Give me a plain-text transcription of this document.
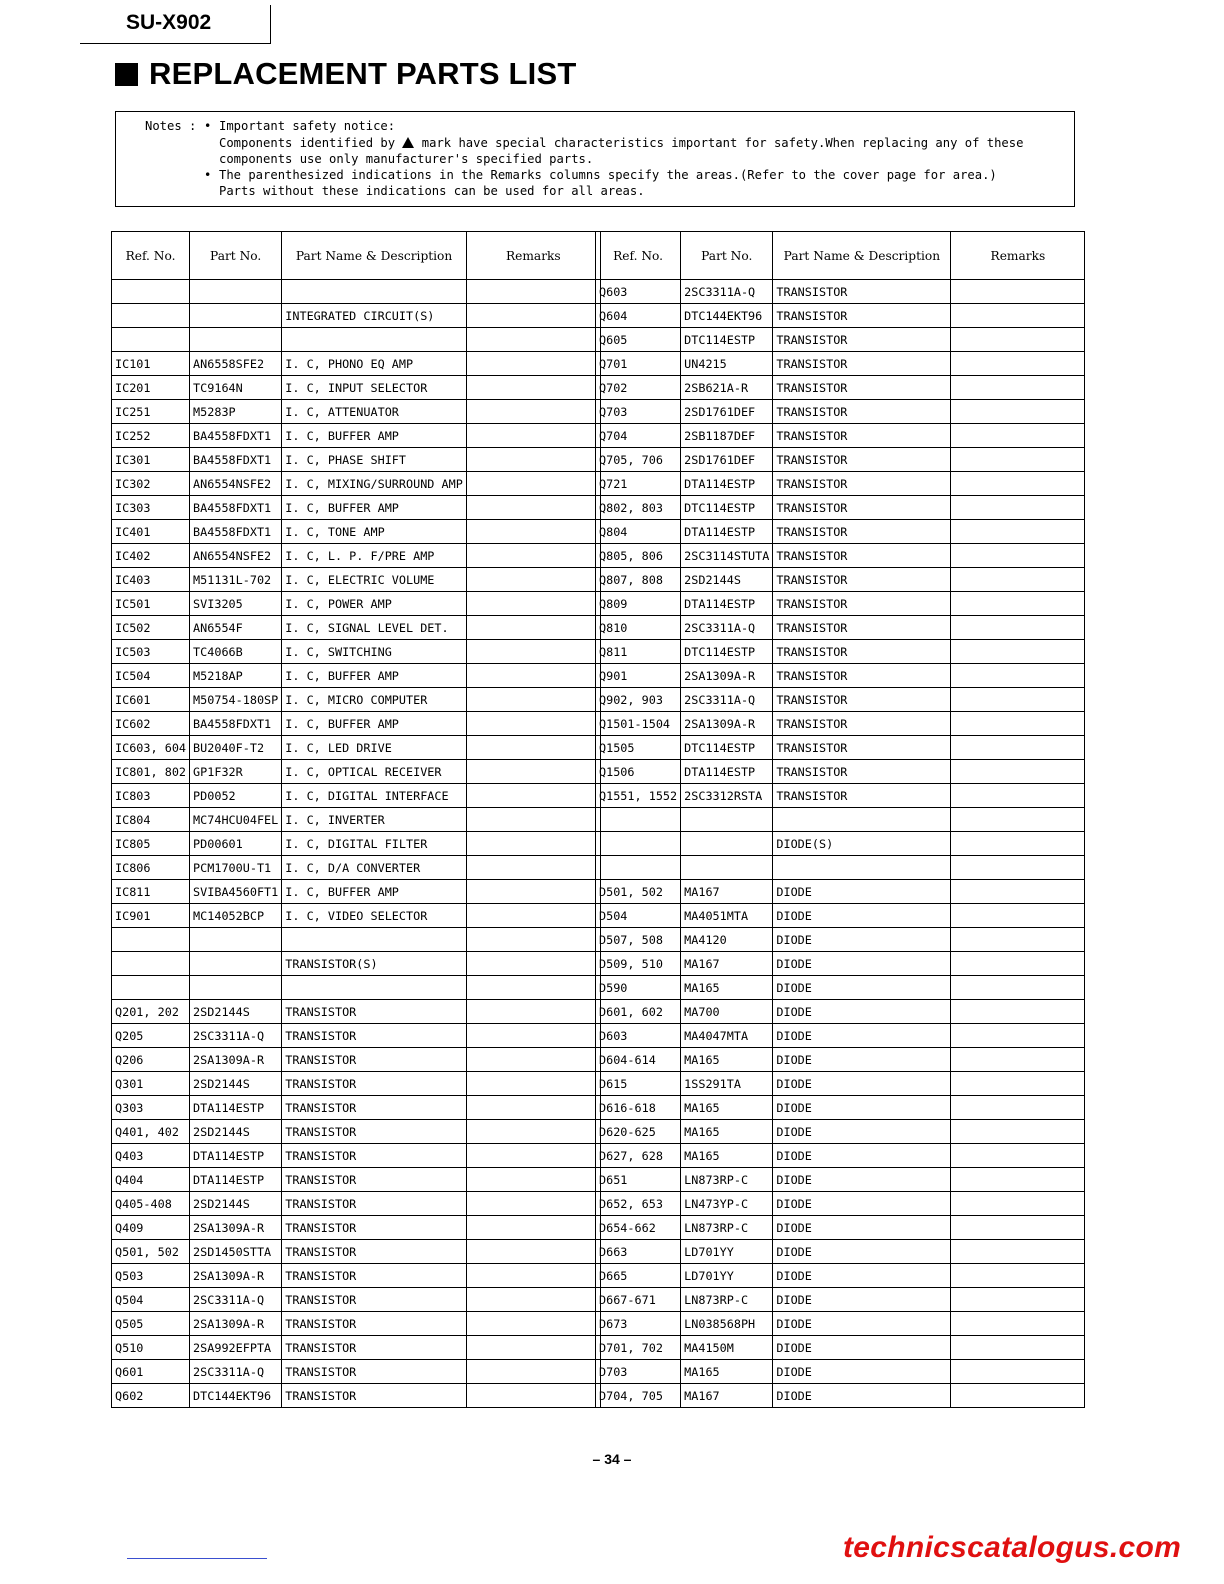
SU-X902
REPLACEMENT PARTS LIST
Notes : • Important safety notice:
Components identified by  mark have special characteristics important for safety.When replacing any of these
components use only manufacturer's specified parts.
• The parenthesized indications in the Remarks columns specify the areas.(Refer to the cover page for area.)
Parts without these indications can be used for all areas.
Ref. No.	Part No.	Part Name & Description	Remarks

		INTEGRATED CIRCUIT(S)	

IC101	AN6558SFE2	I. C, PHONO EQ AMP	
IC201	TC9164N	I. C, INPUT SELECTOR	
IC251	M5283P	I. C, ATTENUATOR	
IC252	BA4558FDXT1	I. C, BUFFER AMP	
IC301	BA4558FDXT1	I. C, PHASE SHIFT	
IC302	AN6554NSFE2	I. C, MIXING/SURROUND AMP	
IC303	BA4558FDXT1	I. C, BUFFER AMP	
IC401	BA4558FDXT1	I. C, TONE AMP	
IC402	AN6554NSFE2	I. C, L. P. F/PRE AMP	
IC403	M51131L-702	I. C, ELECTRIC VOLUME	
IC501	SVI3205	I. C, POWER AMP	
IC502	AN6554F	I. C, SIGNAL LEVEL DET.	
IC503	TC4066B	I. C, SWITCHING	
IC504	M5218AP	I. C, BUFFER AMP	
IC601	M50754-180SP	I. C, MICRO COMPUTER	
IC602	BA4558FDXT1	I. C, BUFFER AMP	
IC603, 604	BU2040F-T2	I. C, LED DRIVE	
IC801, 802	GP1F32R	I. C, OPTICAL RECEIVER	
IC803	PD0052	I. C, DIGITAL INTERFACE	
IC804	MC74HCU04FEL	I. C, INVERTER	
IC805	PD00601	I. C, DIGITAL FILTER	
IC806	PCM1700U-T1	I. C, D/A CONVERTER	
IC811	SVIBA4560FT1	I. C, BUFFER AMP	
IC901	MC14052BCP	I. C, VIDEO SELECTOR	

		TRANSISTOR(S)	

Q201, 202	2SD2144S	TRANSISTOR	
Q205	2SC3311A-Q	TRANSISTOR	
Q206	2SA1309A-R	TRANSISTOR	
Q301	2SD2144S	TRANSISTOR	
Q303	DTA114ESTP	TRANSISTOR	
Q401, 402	2SD2144S	TRANSISTOR	
Q403	DTA114ESTP	TRANSISTOR	
Q404	DTA114ESTP	TRANSISTOR	
Q405-408	2SD2144S	TRANSISTOR	
Q409	2SA1309A-R	TRANSISTOR	
Q501, 502	2SD1450STTA	TRANSISTOR	
Q503	2SA1309A-R	TRANSISTOR	
Q504	2SC3311A-Q	TRANSISTOR	
Q505	2SA1309A-R	TRANSISTOR	
Q510	2SA992EFPTA	TRANSISTOR	
Q601	2SC3311A-Q	TRANSISTOR	
Q602	DTC144EKT96	TRANSISTOR	
Ref. No.	Part No.	Part Name & Description	Remarks
Q603	2SC3311A-Q	TRANSISTOR	
Q604	DTC144EKT96	TRANSISTOR	
Q605	DTC114ESTP	TRANSISTOR	
Q701	UN4215	TRANSISTOR	
Q702	2SB621A-R	TRANSISTOR	
Q703	2SD1761DEF	TRANSISTOR	
Q704	2SB1187DEF	TRANSISTOR	
Q705, 706	2SD1761DEF	TRANSISTOR	
Q721	DTA114ESTP	TRANSISTOR	
Q802, 803	DTC114ESTP	TRANSISTOR	
Q804	DTA114ESTP	TRANSISTOR	
Q805, 806	2SC3114STUTA	TRANSISTOR	
Q807, 808	2SD2144S	TRANSISTOR	
Q809	DTA114ESTP	TRANSISTOR	
Q810	2SC3311A-Q	TRANSISTOR	
Q811	DTC114ESTP	TRANSISTOR	
Q901	2SA1309A-R	TRANSISTOR	
Q902, 903	2SC3311A-Q	TRANSISTOR	
Q1501-1504	2SA1309A-R	TRANSISTOR	
Q1505	DTC114ESTP	TRANSISTOR	
Q1506	DTA114ESTP	TRANSISTOR	
Q1551, 1552	2SC3312RSTA	TRANSISTOR	

		DIODE(S)	

D501, 502	MA167	DIODE	
D504	MA4051MTA	DIODE	
D507, 508	MA4120	DIODE	
D509, 510	MA167	DIODE	
D590	MA165	DIODE	
D601, 602	MA700	DIODE	
D603	MA4047MTA	DIODE	
D604-614	MA165	DIODE	
D615	1SS291TA	DIODE	
D616-618	MA165	DIODE	
D620-625	MA165	DIODE	
D627, 628	MA165	DIODE	
D651	LN873RP-C	DIODE	
D652, 653	LN473YP-C	DIODE	
D654-662	LN873RP-C	DIODE	
D663	LD701YY	DIODE	
D665	LD701YY	DIODE	
D667-671	LN873RP-C	DIODE	
D673	LN038568PH	DIODE	
D701, 702	MA4150M	DIODE	
D703	MA165	DIODE	
D704, 705	MA167	DIODE	
– 34 –
technicscatalogus.com
